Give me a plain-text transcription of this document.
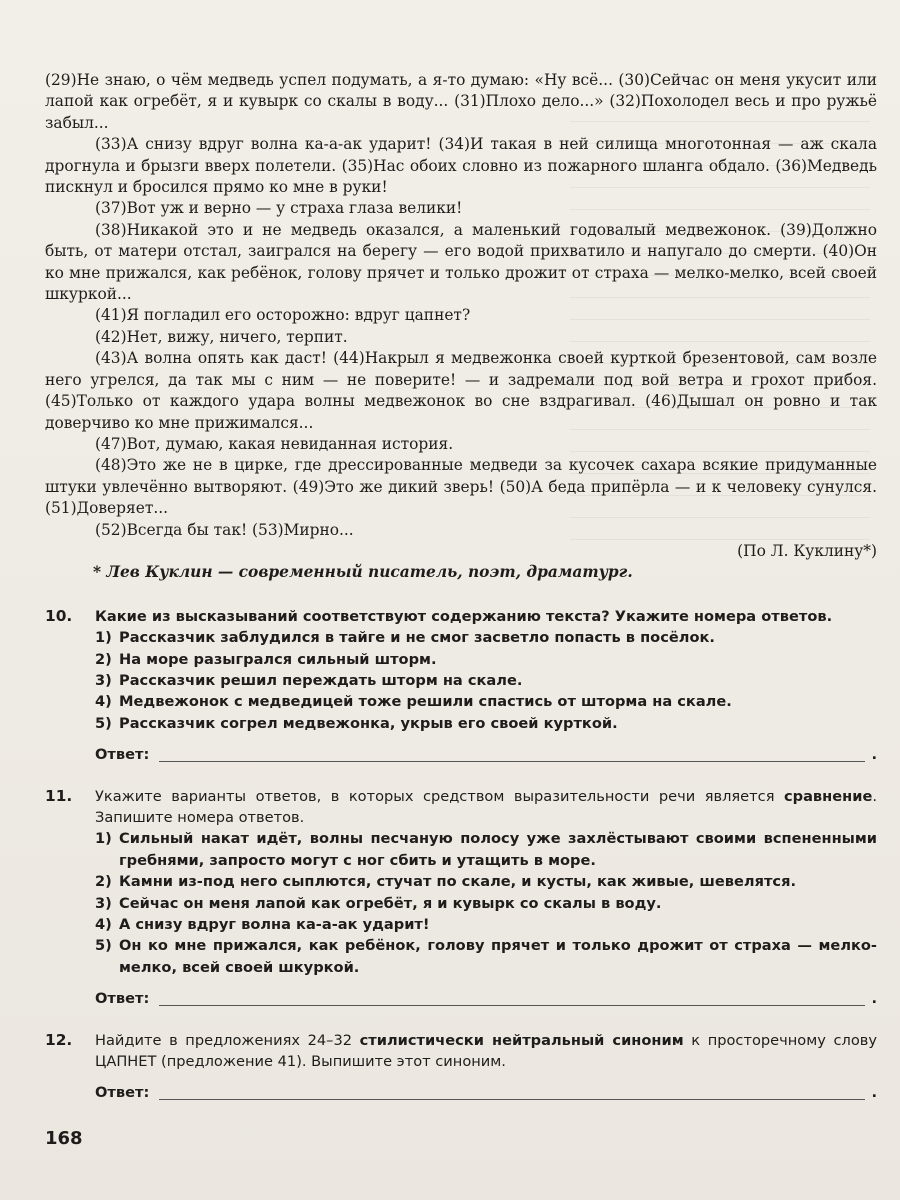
(29)Не знаю, о чём медведь успел подумать, а я-то думаю: «Ну всё... (30)Сейчас он меня укусит или лапой как огребёт, я и кувырк со скалы в воду... (31)Плохо дело...» (32)Похолодел весь и про ружьё забыл...

(33)А снизу вдруг волна ка-а-ак ударит! (34)И такая в ней силища многотонная — аж скала дрогнула и брызги вверх полетели. (35)Нас обоих словно из пожарного шланга обдало. (36)Медведь пискнул и бросился прямо ко мне в руки!

(37)Вот уж и верно — у страха глаза велики!

(38)Никакой это и не медведь оказался, а маленький годовалый медвежонок. (39)Должно быть, от матери отстал, заигрался на берегу — его водой прихватило и напугало до смерти. (40)Он ко мне прижался, как ребёнок, голову прячет и только дрожит от страха — мелко-мелко, всей своей шкуркой...

(41)Я погладил его осторожно: вдруг цапнет?

(42)Нет, вижу, ничего, терпит.

(43)А волна опять как даст! (44)Накрыл я медвежонка своей курткой брезентовой, сам возле него угрелся, да так мы с ним — не поверите! — и задремали под вой ветра и грохот прибоя. (45)Только от каждого удара волны медвежонок во сне вздрагивал. (46)Дышал он ровно и так доверчиво ко мне прижимался...

(47)Вот, думаю, какая невиданная история.

(48)Это же не в цирке, где дрессированные медведи за кусочек сахара всякие придуманные штуки увлечённо вытворяют. (49)Это же дикий зверь! (50)А беда припёрла — и к человеку сунулся. (51)Доверяет...

(52)Всегда бы так! (53)Мирно...

(По Л. Куклину*)

* Лев Куклин — современный писатель, поэт, драматург.

10. Какие из высказываний соответствуют содержанию текста? Укажите номера ответов.
1) Рассказчик заблудился в тайге и не смог засветло попасть в посёлок.
2) На море разыгрался сильный шторм.
3) Рассказчик решил переждать шторм на скале.
4) Медвежонок с медведицей тоже решили спастись от шторма на скале.
5) Рассказчик согрел медвежонка, укрыв его своей курткой.
Ответ:	.
11. Укажите варианты ответов, в которых средством выразительности речи является сравнение. Запишите номера ответов.
1) Сильный накат идёт, волны песчаную полосу уже захлёстывают своими вспененными гребнями, запросто могут с ног сбить и утащить в море.
2) Камни из-под него сыплются, стучат по скале, и кусты, как живые, шевелятся.
3) Сейчас он меня лапой как огребёт, я и кувырк со скалы в воду.
4) А снизу вдруг волна ка-а-ак ударит!
5) Он ко мне прижался, как ребёнок, голову прячет и только дрожит от страха — мелко-мелко, всей своей шкуркой.
Ответ:	.
12. Найдите в предложениях 24–32 стилистически нейтральный синоним к просторечному слову ЦАПНЕТ (предложение 41). Выпишите этот синоним.
Ответ:	.
168
